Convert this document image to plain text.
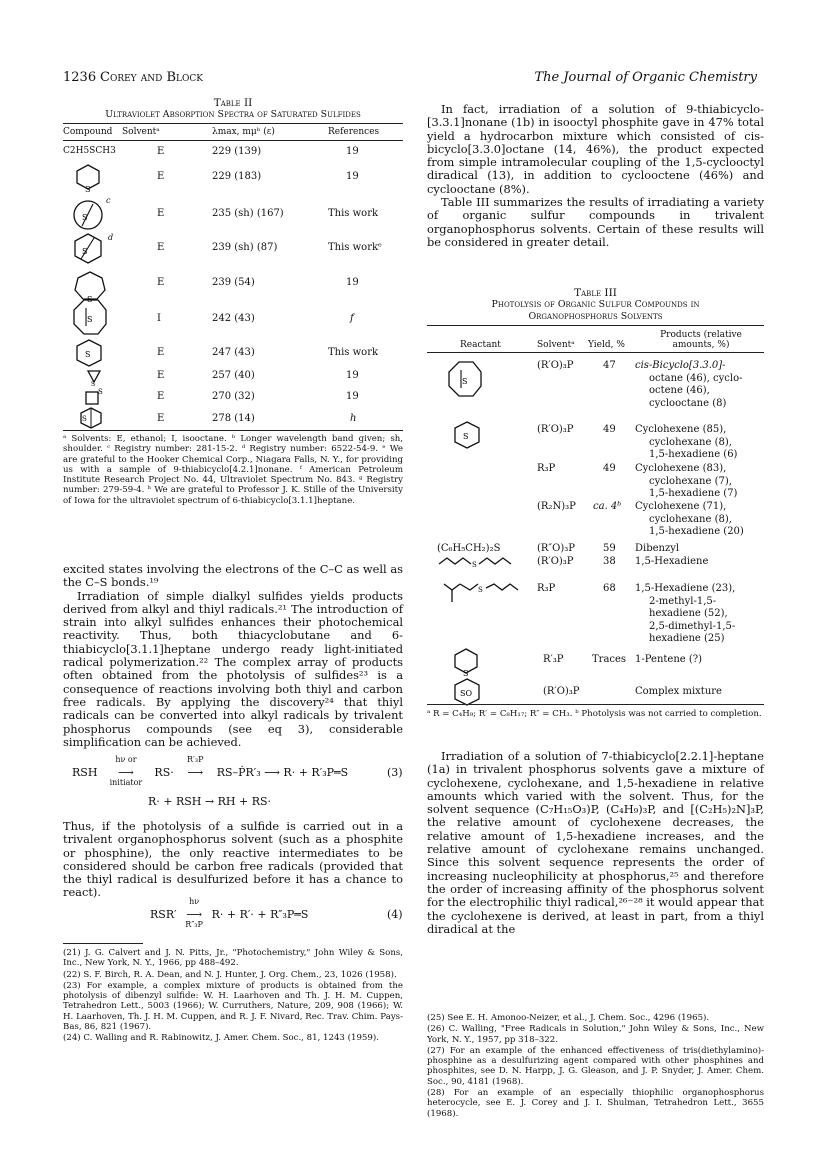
1236 Corey and Block	The Journal of Organic Chemistry
Table II
Ultraviolet Absorption Spectra of Saturated Sulfides
Compound Solventᵃ	λmax, mμᵇ (ε)	References
C2H5SCH3	E	229 (139)	19
S
E	229 (183)	19
S
c
E	235 (sh) (167)	This work
S
d
E	239 (sh) (87)	This workᵉ
S
E	239 (54)	19
S	I	242 (43)	f
S	E	247 (43)	This work
S
E	257 (40)	19
S	E	270 (32)	19
S	E	278 (14)	h
ᵃ Solvents: E, ethanol; I, isooctane. ᵇ Longer wavelength band given; sh, shoulder. ᶜ Registry number: 281-15-2. ᵈ Registry number: 6522-54-9. ᵉ We are grateful to the Hooker Chemical Corp., Niagara Falls, N. Y., for providing us with a sample of 9-thiabicyclo[4.2.1]nonane. ᶠ American Petroleum Institute Research Project No. 44, Ultraviolet Spectrum No. 843. ᵍ Registry number: 279-59-4. ʰ We are grateful to Professor J. K. Stille of the University of Iowa for the ultraviolet spectrum of 6-thiabicyclo[3.1.1]heptane.

excited states involving the electrons of the C–C as well as the C–S bonds.¹⁹

Irradiation of simple dialkyl sulfides yields products derived from alkyl and thiyl radicals.²¹ The introduction of strain into alkyl sulfides enhances their photochemical reactivity. Thus, both thiacyclobutane and 6-thiabicyclo[3.1.1]heptane undergo ready light-initiated radical polymerization.²² The complex array of products often obtained from the photolysis of sulfides²³ is a consequence of reactions involving both thiyl and carbon free radicals. By applying the discovery²⁴ that thiyl radicals can be converted into alkyl radicals by trivalent phosphorus compounds (see eq 3), considerable simplification can be achieved.

RSH
hν or
⟶
initiator
RS·
R′₃P
⟶ RS–ṖR′₃ ⟶ R· + R′₃P═S	(3)
R· + RSH → RH + RS·

Thus, if the photolysis of a sulfide is carried out in a trivalent organophosphorus solvent (such as a phosphite or phosphine), the only reactive intermediates to be considered should be carbon free radicals (provided that the thiyl radical is desulfurized before it has a chance to react).

RSR′
hν
⟶
R″₃P
R· + R′· + R″₃P═S	(4)

(21) J. G. Calvert and J. N. Pitts, Jr., "Photochemistry," John Wiley & Sons, Inc., New York, N. Y., 1966, pp 488–492.

(22) S. F. Birch, R. A. Dean, and N. J. Hunter, J. Org. Chem., 23, 1026 (1958).

(23) For example, a complex mixture of products is obtained from the photolysis of dibenzyl sulfide: W. H. Laarhoven and Th. J. H. M. Cuppen, Tetrahedron Lett., 5003 (1966); W. Curruthers, Nature, 209, 908 (1966); W. H. Laarhoven, Th. J. H. M. Cuppen, and R. J. F. Nivard, Rec. Trav. Chim. Pays-Bas, 86, 821 (1967).

(24) C. Walling and R. Rabinowitz, J. Amer. Chem. Soc., 81, 1243 (1959).

In fact, irradiation of a solution of 9-thiabicyclo-[3.3.1]nonane (1b) in isooctyl phosphite gave in 47% total yield a hydrocarbon mixture which consisted of cis-bicyclo[3.3.0]octane (14, 46%), the product expected from simple intramolecular coupling of the 1,5-cyclooctyl diradical (13), in addition to cyclooctene (46%) and cyclooctane (8%).

Table III summarizes the results of irradiating a variety of organic sulfur compounds in trivalent organophosphorus solvents. Certain of these results will be considered in greater detail.

Table III
Photolysis of Organic Sulfur Compounds in
Organophosphorus Solvents
Reactant	Solventᵃ Yield, %
Products (relative amounts, %)
S
(R′O)₃P	47 cis-Bicyclo[3.3.0]-
octane (46), cyclo-
octene (46),
cyclooctane (8)
S
(R′O)₃P	49 Cyclohexene (85),
cyclohexane (8),
1,5-hexadiene (6)
R₃P	49 Cyclohexene (83),
cyclohexane (7),
1,5-hexadiene (7)
(R₂N)₃P ca. 4ᵇ Cyclohexene (71),
cyclohexane (8),
1,5-hexadiene (20)
(C₆H₅CH₂)₂S	(R″O)₃P	59 Dibenzyl
S	(R′O)₃P	38 1,5-Hexadiene
S	R₃P	68 1,5-Hexadiene (23),
2-methyl-1,5-
hexadiene (52),
2,5-dimethyl-1,5-
hexadiene (25)
S
R′₃P	Traces 1-Pentene (?)
SO	(R′O)₃P	Complex mixture
ᵃ R = C₄H₉; R′ = C₈H₁₇; R″ = CH₃. ᵇ Photolysis was not carried to completion.

Irradiation of a solution of 7-thiabicyclo[2.2.1]-heptane (1a) in trivalent phosphorus solvents gave a mixture of cyclohexene, cyclohexane, and 1,5-hexadiene in relative amounts which varied with the solvent. Thus, for the solvent sequence (C₇H₁₅O₃)P, (C₄H₉)₃P, and [(C₂H₅)₂N]₃P, the relative amount of cyclohexene decreases, the relative amount of 1,5-hexadiene increases, and the relative amount of cyclohexane remains unchanged. Since this solvent sequence represents the order of increasing nucleophilicity at phosphorus,²⁵ and therefore the order of increasing affinity of the phosphorus solvent for the electrophilic thiyl radical,²⁶⁻²⁸ it would appear that the cyclohexene is derived, at least in part, from a thiyl diradical at the

(25) See E. H. Amonoo-Neizer, et al., J. Chem. Soc., 4296 (1965).

(26) C. Walling, "Free Radicals in Solution," John Wiley & Sons, Inc., New York, N. Y., 1957, pp 318–322.

(27) For an example of the enhanced effectiveness of tris(diethylamino)-phosphine as a desulfurizing agent compared with other phosphines and phosphites, see D. N. Harpp, J. G. Gleason, and J. P. Snyder, J. Amer. Chem. Soc., 90, 4181 (1968).

(28) For an example of an especially thiophilic organophosphorus heterocycle, see E. J. Corey and J. I. Shulman, Tetrahedron Lett., 3655 (1968).
